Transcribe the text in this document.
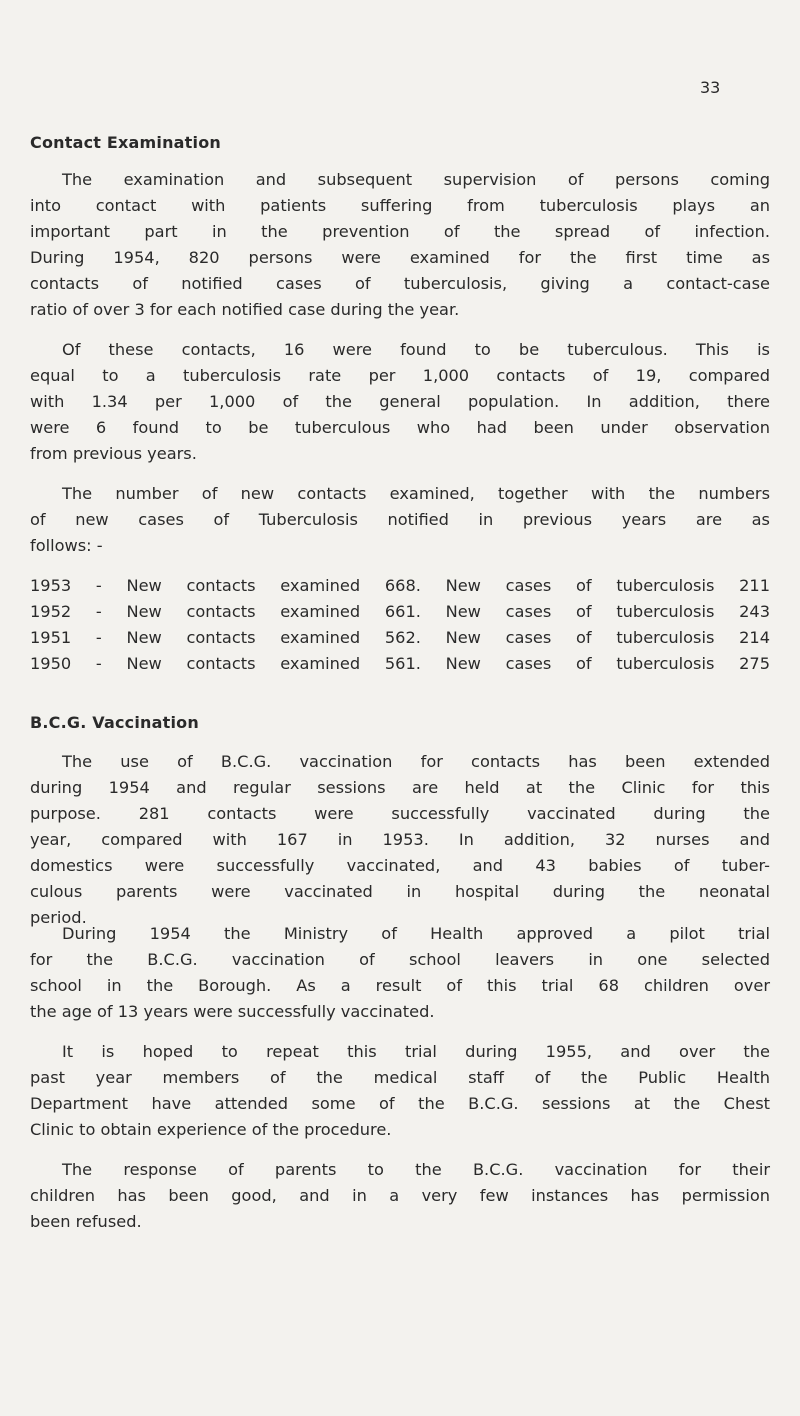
33
Contact Examination
B.C.G. Vaccination
The examination and subsequent supervision of persons coming
into contact with patients suffering from tuberculosis plays an
important part in the prevention of the spread of infection.
During 1954, 820 persons were examined for the first time as
contacts of notified cases of tuberculosis, giving a contact-case
ratio of over 3 for each notified case during the year.
Of these contacts, 16 were found to be tuberculous. This is
equal to a tuberculosis rate per 1,000 contacts of 19, compared
with 1.34 per 1,000 of the general population. In addition, there
were 6 found to be tuberculous who had been under observation
from previous years.
The number of new contacts examined, together with the numbers
of new cases of Tuberculosis notified in previous years are as
follows: -
1953 - New contacts examined 668. New cases of tuberculosis 211
1952 - New contacts examined 661. New cases of tuberculosis 243
1951 - New contacts examined 562. New cases of tuberculosis 214
1950 - New contacts examined 561. New cases of tuberculosis 275
The use of B.C.G. vaccination for contacts has been extended
during 1954 and regular sessions are held at the Clinic for this
purpose. 281 contacts were successfully vaccinated during the
year, compared with 167 in 1953. In addition, 32 nurses and
domestics were successfully vaccinated, and 43 babies of tuber-
culous parents were vaccinated in hospital during the neonatal
period.
During 1954 the Ministry of Health approved a pilot trial
for the B.C.G. vaccination of school leavers in one selected
school in the Borough. As a result of this trial 68 children over
the age of 13 years were successfully vaccinated.
It is hoped to repeat this trial during 1955, and over the
past year members of the medical staff of the Public Health
Department have attended some of the B.C.G. sessions at the Chest
Clinic to obtain experience of the procedure.
The response of parents to the B.C.G. vaccination for their
children has been good, and in a very few instances has permission
been refused.
